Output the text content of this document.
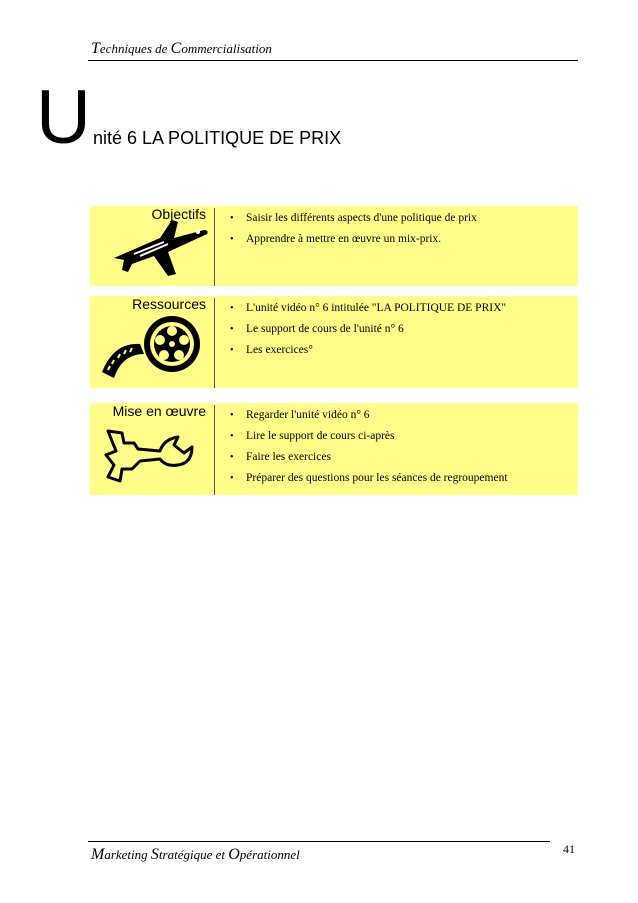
Techniques de Commercialisation
U nité 6 LA POLITIQUE DE PRIX
Objectifs • Saisir les différents aspects d'une politique de prix
• Apprendre à mettre en œuvre un mix-prix.
Ressources • L'unité vidéo n° 6 intitulée "LA POLITIQUE DE PRIX"
• Le support de cours de l'unité n° 6
• Les exercices°
Mise en œuvre • Regarder l'unité vidéo n° 6
• Lire le support de cours ci-après
• Faire les exercices
• Préparer des questions pour les séances de regroupement
Marketing Stratégique et Opérationnel	41
